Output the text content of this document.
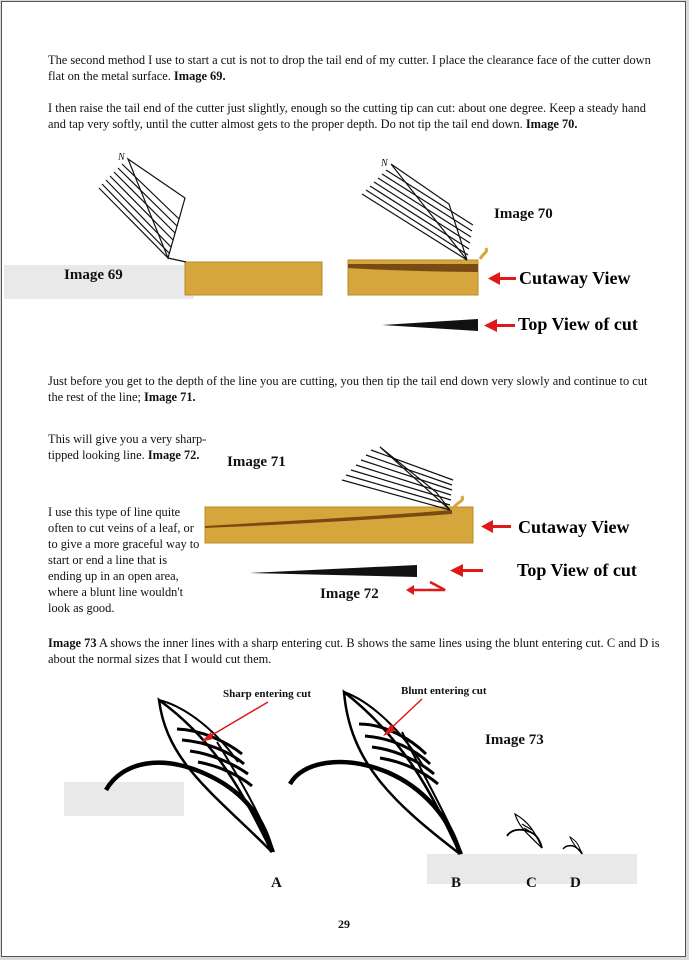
The second method I use to start a cut is not to drop the tail end of my cutter. I place the clearance face of the cutter down flat on the metal surface. Image 69.
I then raise the tail end of the cutter just slightly, enough so the cutting tip can cut: about one degree. Keep a steady hand and tap very softly, until the cutter almost gets to the proper depth. Do not tip the tail end down. Image 70.
N
N
Image 69
Image 70
Cutaway View
Top View of cut
Just before you get to the depth of the line you are cutting, you then tip the tail end down very slowly and continue to cut the rest of the line; Image 71.
This will give you a very sharp-tipped looking line. Image 72.
I use this type of line quite often to cut veins of a leaf, or to give a more graceful way to start or end a line that is ending up in an open area, where a blunt line wouldn't look as good.
Image 71
Image 72
Cutaway View
Top View of cut
Image 73 A shows the inner lines with a sharp entering cut. B shows the same lines using the blunt entering cut. C and D is about the normal sizes that I would cut them.
Sharp entering cut	Blunt entering cut
Image 73
A	B	C D
29
